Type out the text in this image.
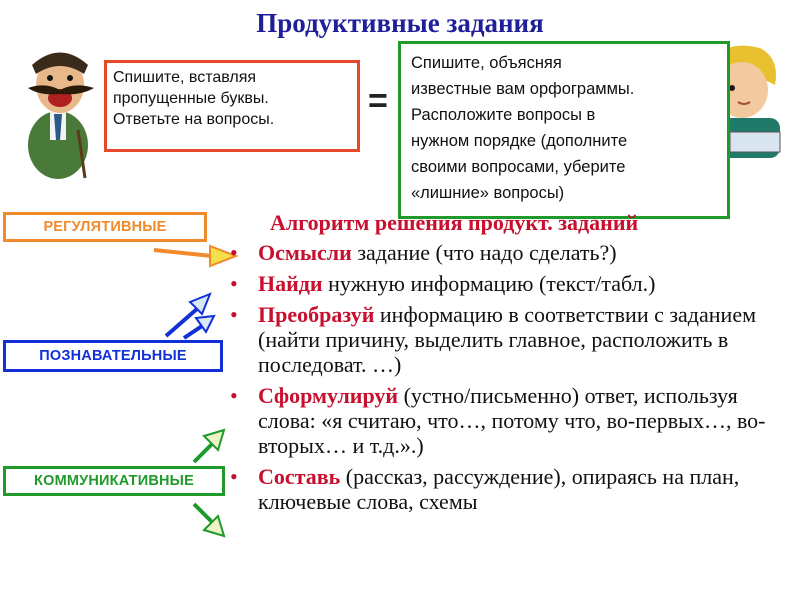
Продуктивные задания
Спишите, вставляя
пропущенные буквы.
Ответьте на вопросы.	=
Спишите, объясняя
известные вам орфограммы.
Расположите вопросы в
нужном порядке (дополните
своими вопросами, уберите
«лишние» вопросы)
РЕГУЛЯТИВНЫЕ
ПОЗНАВАТЕЛЬНЫЕ
КОММУНИКАТИВНЫЕ
Алгоритм решения продукт. заданий
• Осмысли задание (что надо сделать?)
• Найди нужную информацию (текст/табл.)
• Преобразуй информацию в соответствии с заданием (найти причину, выделить главное, расположить в последоват. …)
• Сформулируй (устно/письменно) ответ, используя слова: «я считаю, что…, потому что, во-первых…, во-вторых… и т.д.».)
• Составь (рассказ, рассуждение), опираясь на план, ключевые слова, схемы
